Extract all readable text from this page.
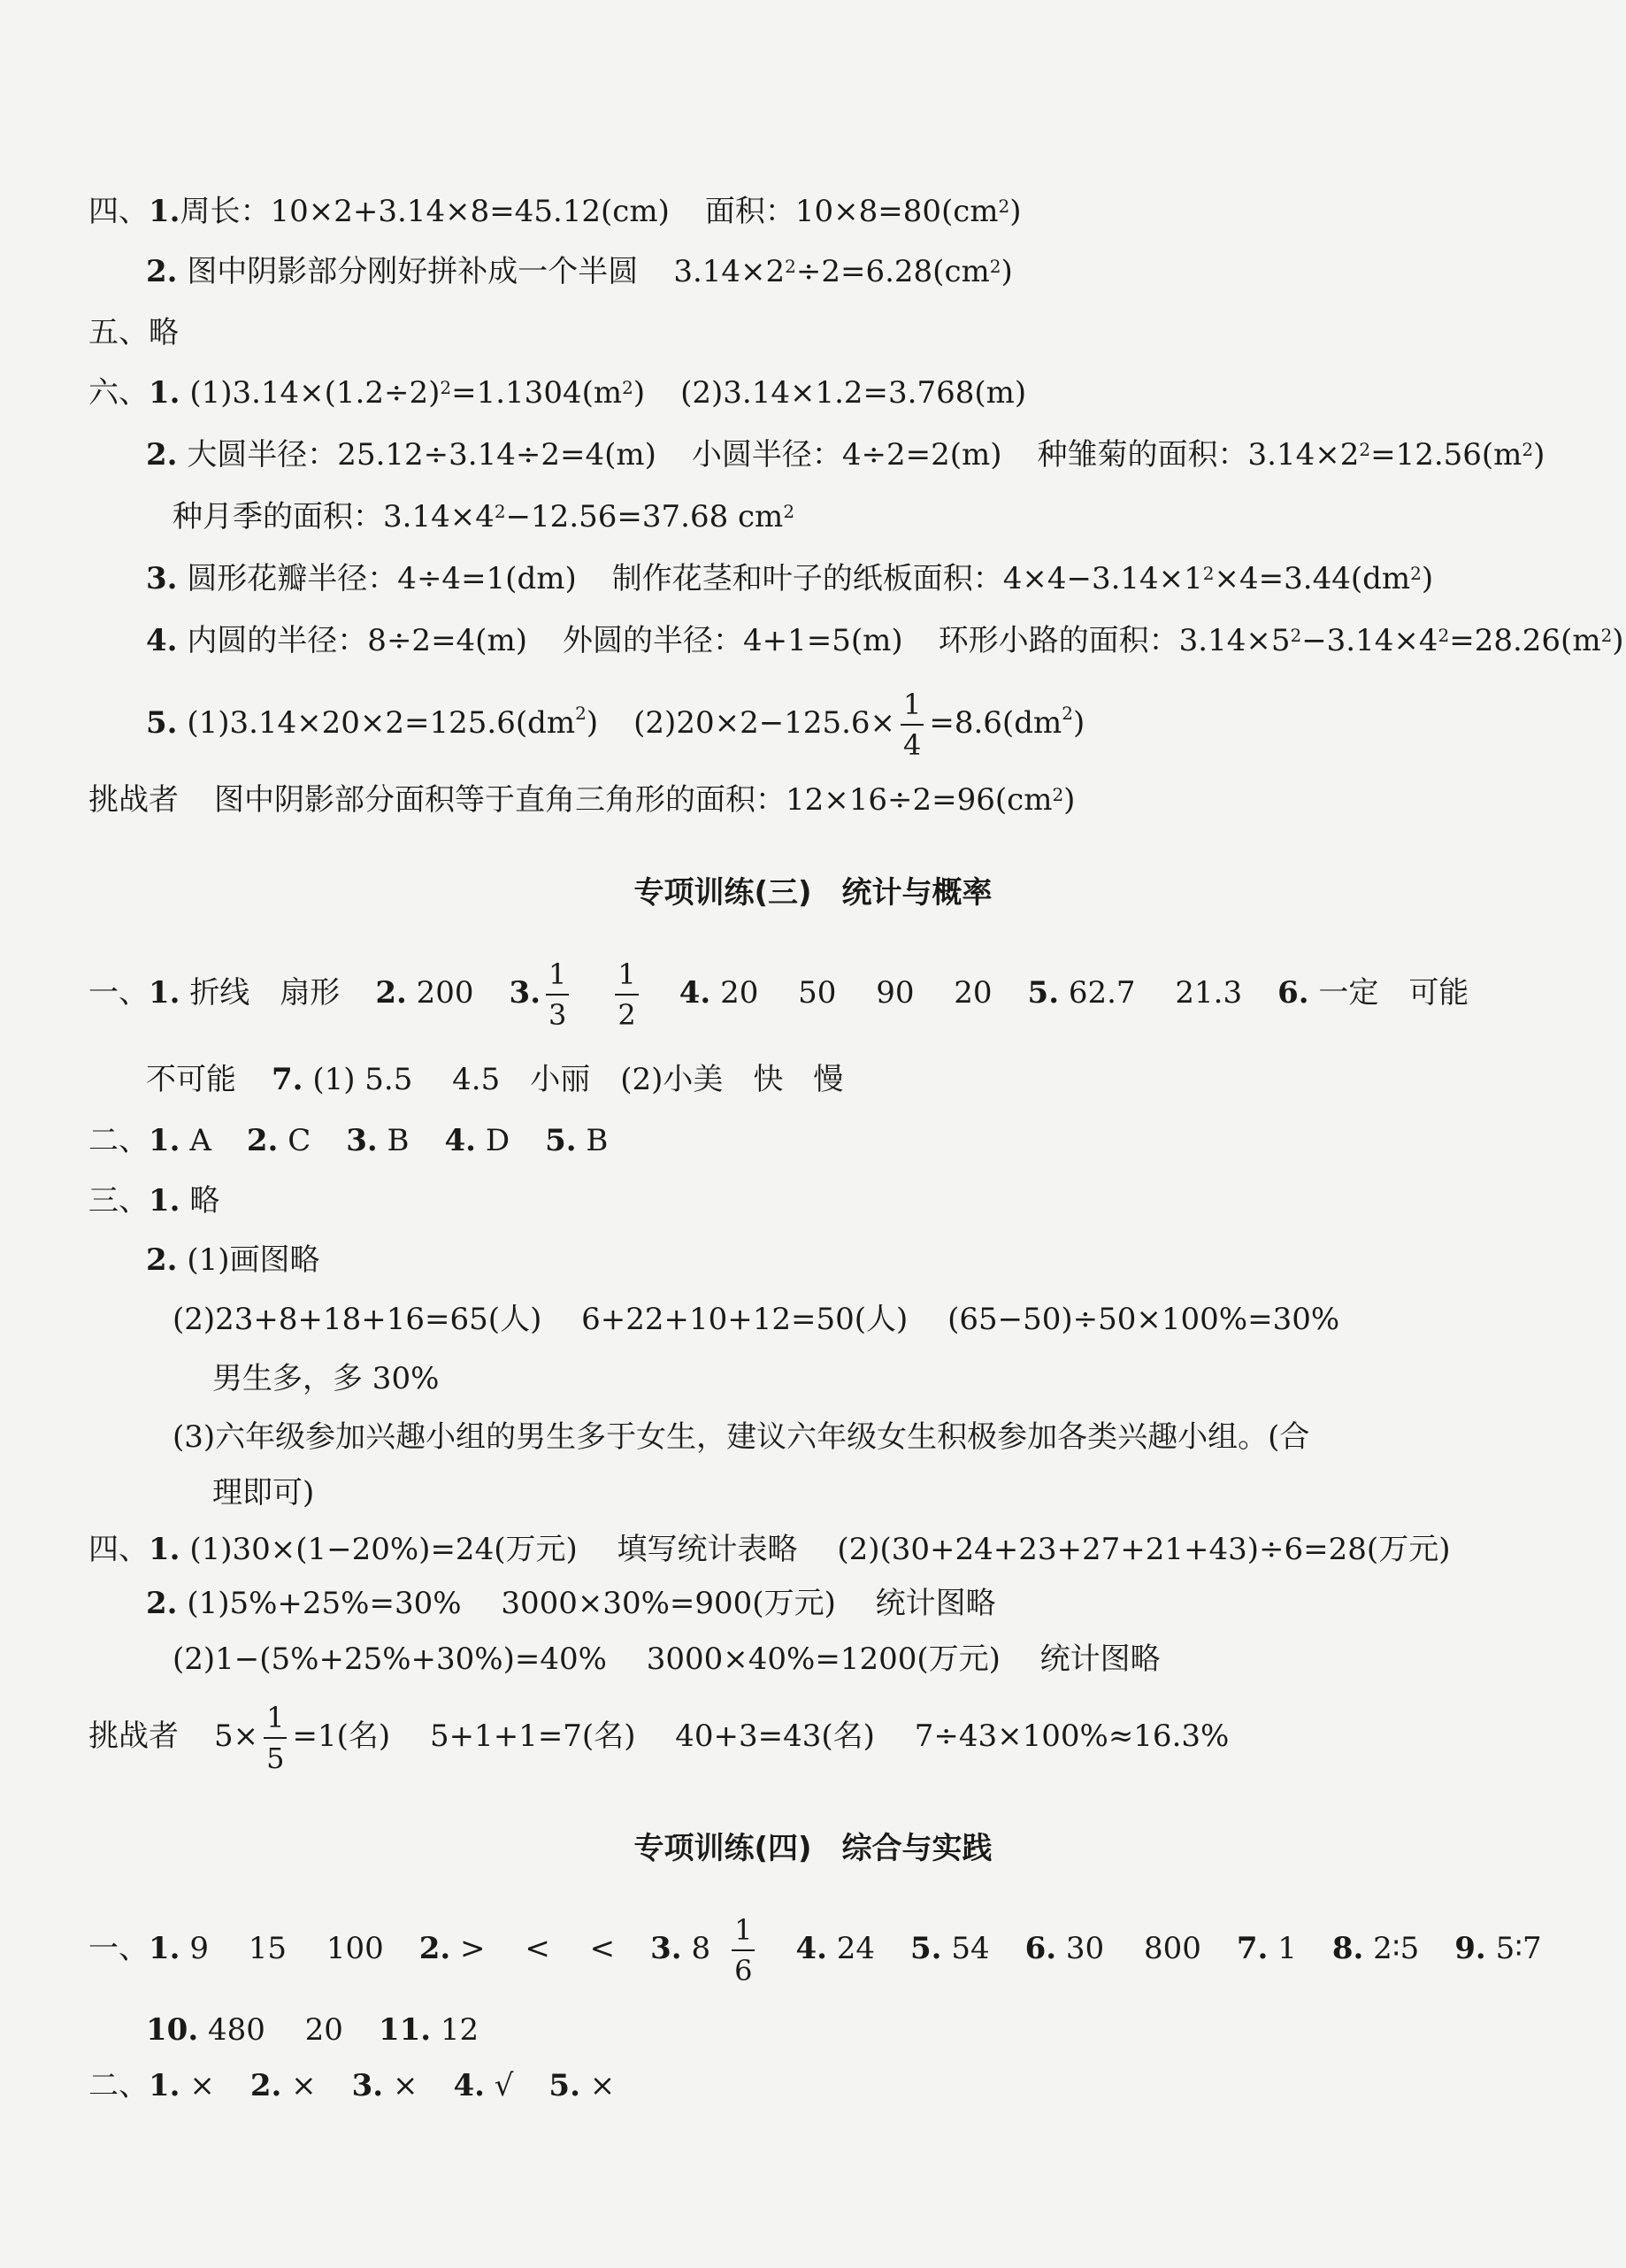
四、1.周长：10×2+3.14×8=45.12(cm) 面积：$10\times 8=80(cm^2)$
2. 图中阴影部分刚好拼补成一个半圆 $3.14\times 2^2\div 2=6.28(cm^2)$
五、略
六、1. $(1)3.14\times(1.2\div 2)^2=1.1304(m^2)$ (2)3.14×1.2=3.768(m)
2. 大圆半径：25.12÷3.14÷2=4(m) 小圆半径：4÷2=2(m) 种雏菊的面积：$3.14\times 2^2=12.56(m^2)$
种月季的面积：$3.14\times 4^2-12.56=37.68$ $cm^2$
3. 圆形花瓣半径：4÷4=1(dm) 制作花茎和叶子的纸板面积：$4\times 4-3.14\times 1^2\times 4=3.44(dm^2)$
4. 内圆的半径：8÷2=4(m) 外圆的半径：4+1=5(m) 环形小路的面积：$3.14\times 5^2-3.14\times 4^2=28.26(m^2)$
5. $(1)3.14\times 20\times 2=125.6(dm^2)$ $(2)20\times 2-125.6\times \frac{1}{4} =8.6(dm^2)$
挑战者 图中阴影部分面积等于直角三角形的面积：$12\times 16\div 2=96(cm^2)$
专项训练(三)　统计与概率
一、1. 折线　扇形 2. 200 3. $\frac{1}{3} \frac{1}{2} 4$. 20　 50　 90　 20 5. 62.7　 21.3 6. 一定　可能
不可能 7. (1) 5.5　 4.5　小丽　(2)小美　快　慢
二、1. A 2. C 3. B 4. D 5. B
三、1. 略
2. (1)画图略
(2)23+8+18+16=65(人)　 6+22+10+12=50(人)　 (65−50)÷50×100%=30%
男生多，多 30%
(3)六年级参加兴趣小组的男生多于女生，建议六年级女生积极参加各类兴趣小组。(合
理即可)
四、1. (1)30×(1−20%)=24(万元)　 填写统计表略　 (2)(30+24+23+27+21+43)÷6=28(万元)
2. (1)5%+25%=30%　 3000×30%=900(万元)　 统计图略
(2)1−(5%+25%+30%)=40%　 3000×40%=1200(万元)　 统计图略
挑战者 $5\times \frac{1}{5} =1$(名)　 5+1+1=7(名)　 40+3=43(名)　 7÷43×100%≈16.3%
专项训练(四)　综合与实践
一、1. 9　 15　 100 2. >　 <　 < 3. $8 \frac{1}{6} 4$. 24 5. 54 6. 30　 800 7. 1 8. 2∶5 9. 5∶7
10. 480　 20 11. 12
二、1. × 2. × 3. × 4. √ 5. ×
